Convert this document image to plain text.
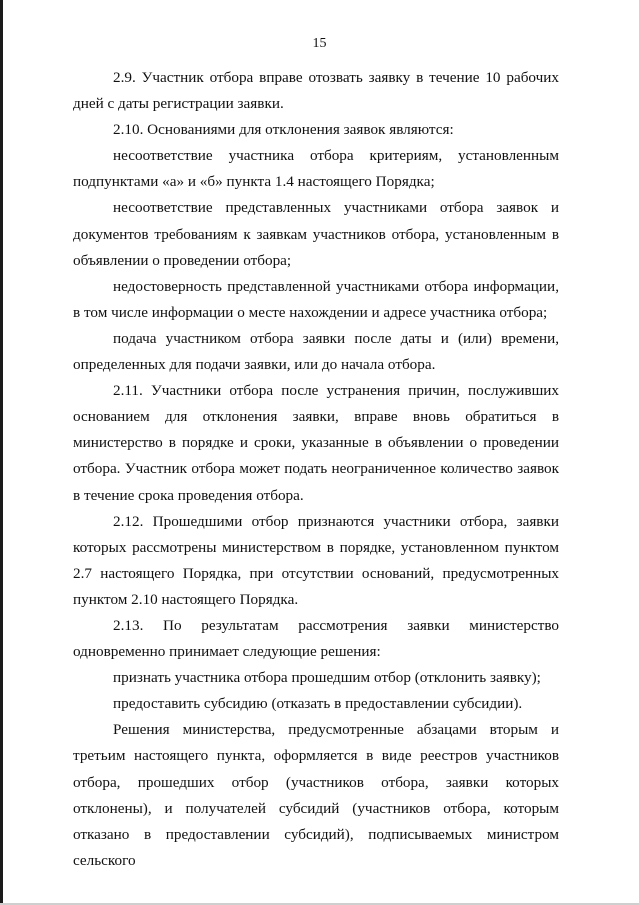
15

2.9. Участник отбора вправе отозвать заявку в течение 10 рабочих дней с даты регистрации заявки.

2.10. Основаниями для отклонения заявок являются:

несоответствие участника отбора критериям, установленным подпунктами «а» и «б» пункта 1.4 настоящего Порядка;

несоответствие представленных участниками отбора заявок и документов требованиям к заявкам участников отбора, установленным в объявлении о проведении отбора;

недостоверность представленной участниками отбора информации, в том числе информации о месте нахождении и адресе участника отбора;

подача участником отбора заявки после даты и (или) времени, определенных для подачи заявки, или до начала отбора.

2.11. Участники отбора после устранения причин, послуживших основанием для отклонения заявки, вправе вновь обратиться в министерство в порядке и сроки, указанные в объявлении о проведении отбора. Участник отбора может подать неограниченное количество заявок в течение срока проведения отбора.

2.12. Прошедшими отбор признаются участники отбора, заявки которых рассмотрены министерством в порядке, установленном пунктом 2.7 настоящего Порядка, при отсутствии оснований, предусмотренных пунктом 2.10 настоящего Порядка.

2.13. По результатам рассмотрения заявки министерство одновременно принимает следующие решения:

признать участника отбора прошедшим отбор (отклонить заявку);

предоставить субсидию (отказать в предоставлении субсидии).

Решения министерства, предусмотренные абзацами вторым и третьим настоящего пункта, оформляется в виде реестров участников отбора, прошедших отбор (участников отбора, заявки которых отклонены), и получателей субсидий (участников отбора, которым отказано в предоставлении субсидий), подписываемых министром сельского
